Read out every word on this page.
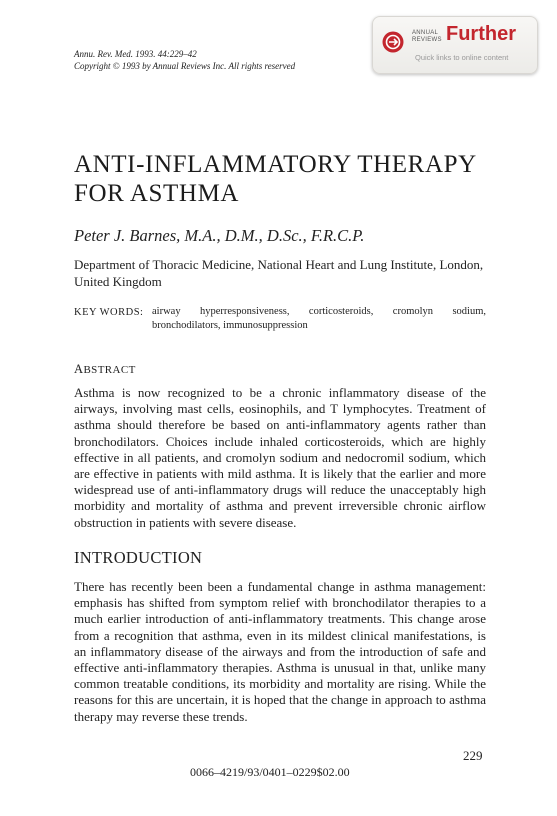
Annu. Rev. Med. 1993. 44:229–42
Copyright © 1993 by Annual Reviews Inc. All rights reserved
ANNUAL
REVIEWS Further
Quick links to online content
ANTI-INFLAMMATORY THERAPY FOR ASTHMA
Peter J. Barnes, M.A., D.M., D.Sc., F.R.C.P.
Department of Thoracic Medicine, National Heart and Lung Institute, London, United Kingdom
KEY WORDS: airway hyperresponsiveness, corticosteroids, cromolyn sodium, bronchodilators, immunosuppression
ABSTRACT
Asthma is now recognized to be a chronic inflammatory disease of the airways, involving mast cells, eosinophils, and T lymphocytes. Treatment of asthma should therefore be based on anti-inflammatory agents rather than bronchodilators. Choices include inhaled corticosteroids, which are highly effective in all patients, and cromolyn sodium and nedocromil sodium, which are effective in patients with mild asthma. It is likely that the earlier and more widespread use of anti-inflammatory drugs will reduce the unacceptably high morbidity and mortality of asthma and prevent irreversible chronic airflow obstruction in patients with severe disease.
INTRODUCTION
There has recently been been a fundamental change in asthma management: emphasis has shifted from symptom relief with bronchodilator therapies to a much earlier introduction of anti-inflammatory treatments. This change arose from a recognition that asthma, even in its mildest clinical manifestations, is an inflammatory disease of the airways and from the introduction of safe and effective anti-inflammatory therapies. Asthma is unusual in that, unlike many common treatable conditions, its morbidity and mortality are rising. While the reasons for this are uncertain, it is hoped that the change in approach to asthma therapy may reverse these trends.
229
0066–4219/93/0401–0229$02.00
